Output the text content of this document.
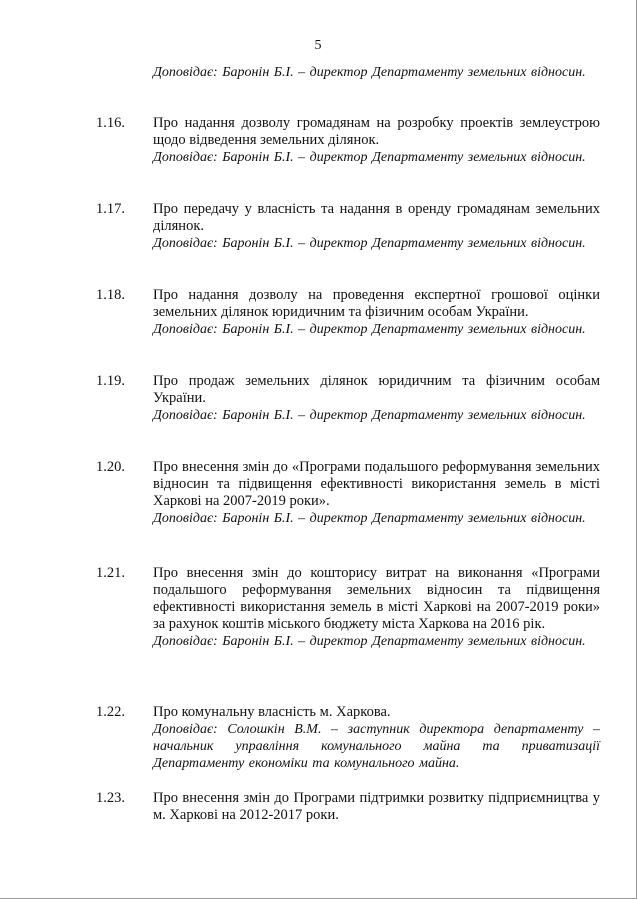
5
Доповідає: Баронін Б.І. – директор Департаменту земельних відносин.
1.16. Про надання дозволу громадянам на розробку проектів землеустрою щодо відведення земельних ділянок.
Доповідає: Баронін Б.І. – директор Департаменту земельних відносин.
1.17. Про передачу у власність та надання в оренду громадянам земельних ділянок.
Доповідає: Баронін Б.І. – директор Департаменту земельних відносин.
1.18. Про надання дозволу на проведення експертної грошової оцінки земельних ділянок юридичним та фізичним особам України.
Доповідає: Баронін Б.І. – директор Департаменту земельних відносин.
1.19. Про продаж земельних ділянок юридичним та фізичним особам України.
Доповідає: Баронін Б.І. – директор Департаменту земельних відносин.
1.20. Про внесення змін до «Програми подальшого реформування земельних відносин та підвищення ефективності використання земель в місті Харкові на 2007-2019 роки».
Доповідає: Баронін Б.І. – директор Департаменту земельних відносин.
1.21. Про внесення змін до кошторису витрат на виконання «Програми подальшого реформування земельних відносин та підвищення ефективності використання земель в місті Харкові на 2007-2019 роки» за рахунок коштів міського бюджету міста Харкова на 2016 рік.
Доповідає: Баронін Б.І. – директор Департаменту земельних відносин.
1.22. Про комунальну власність м. Харкова.
Доповідає: Солошкін В.М. – заступник директора департаменту – начальник управління комунального майна та приватизації Департаменту економіки та комунального майна.
1.23. Про внесення змін до Програми підтримки розвитку підприємництва у м. Харкові на 2012-2017 роки.
